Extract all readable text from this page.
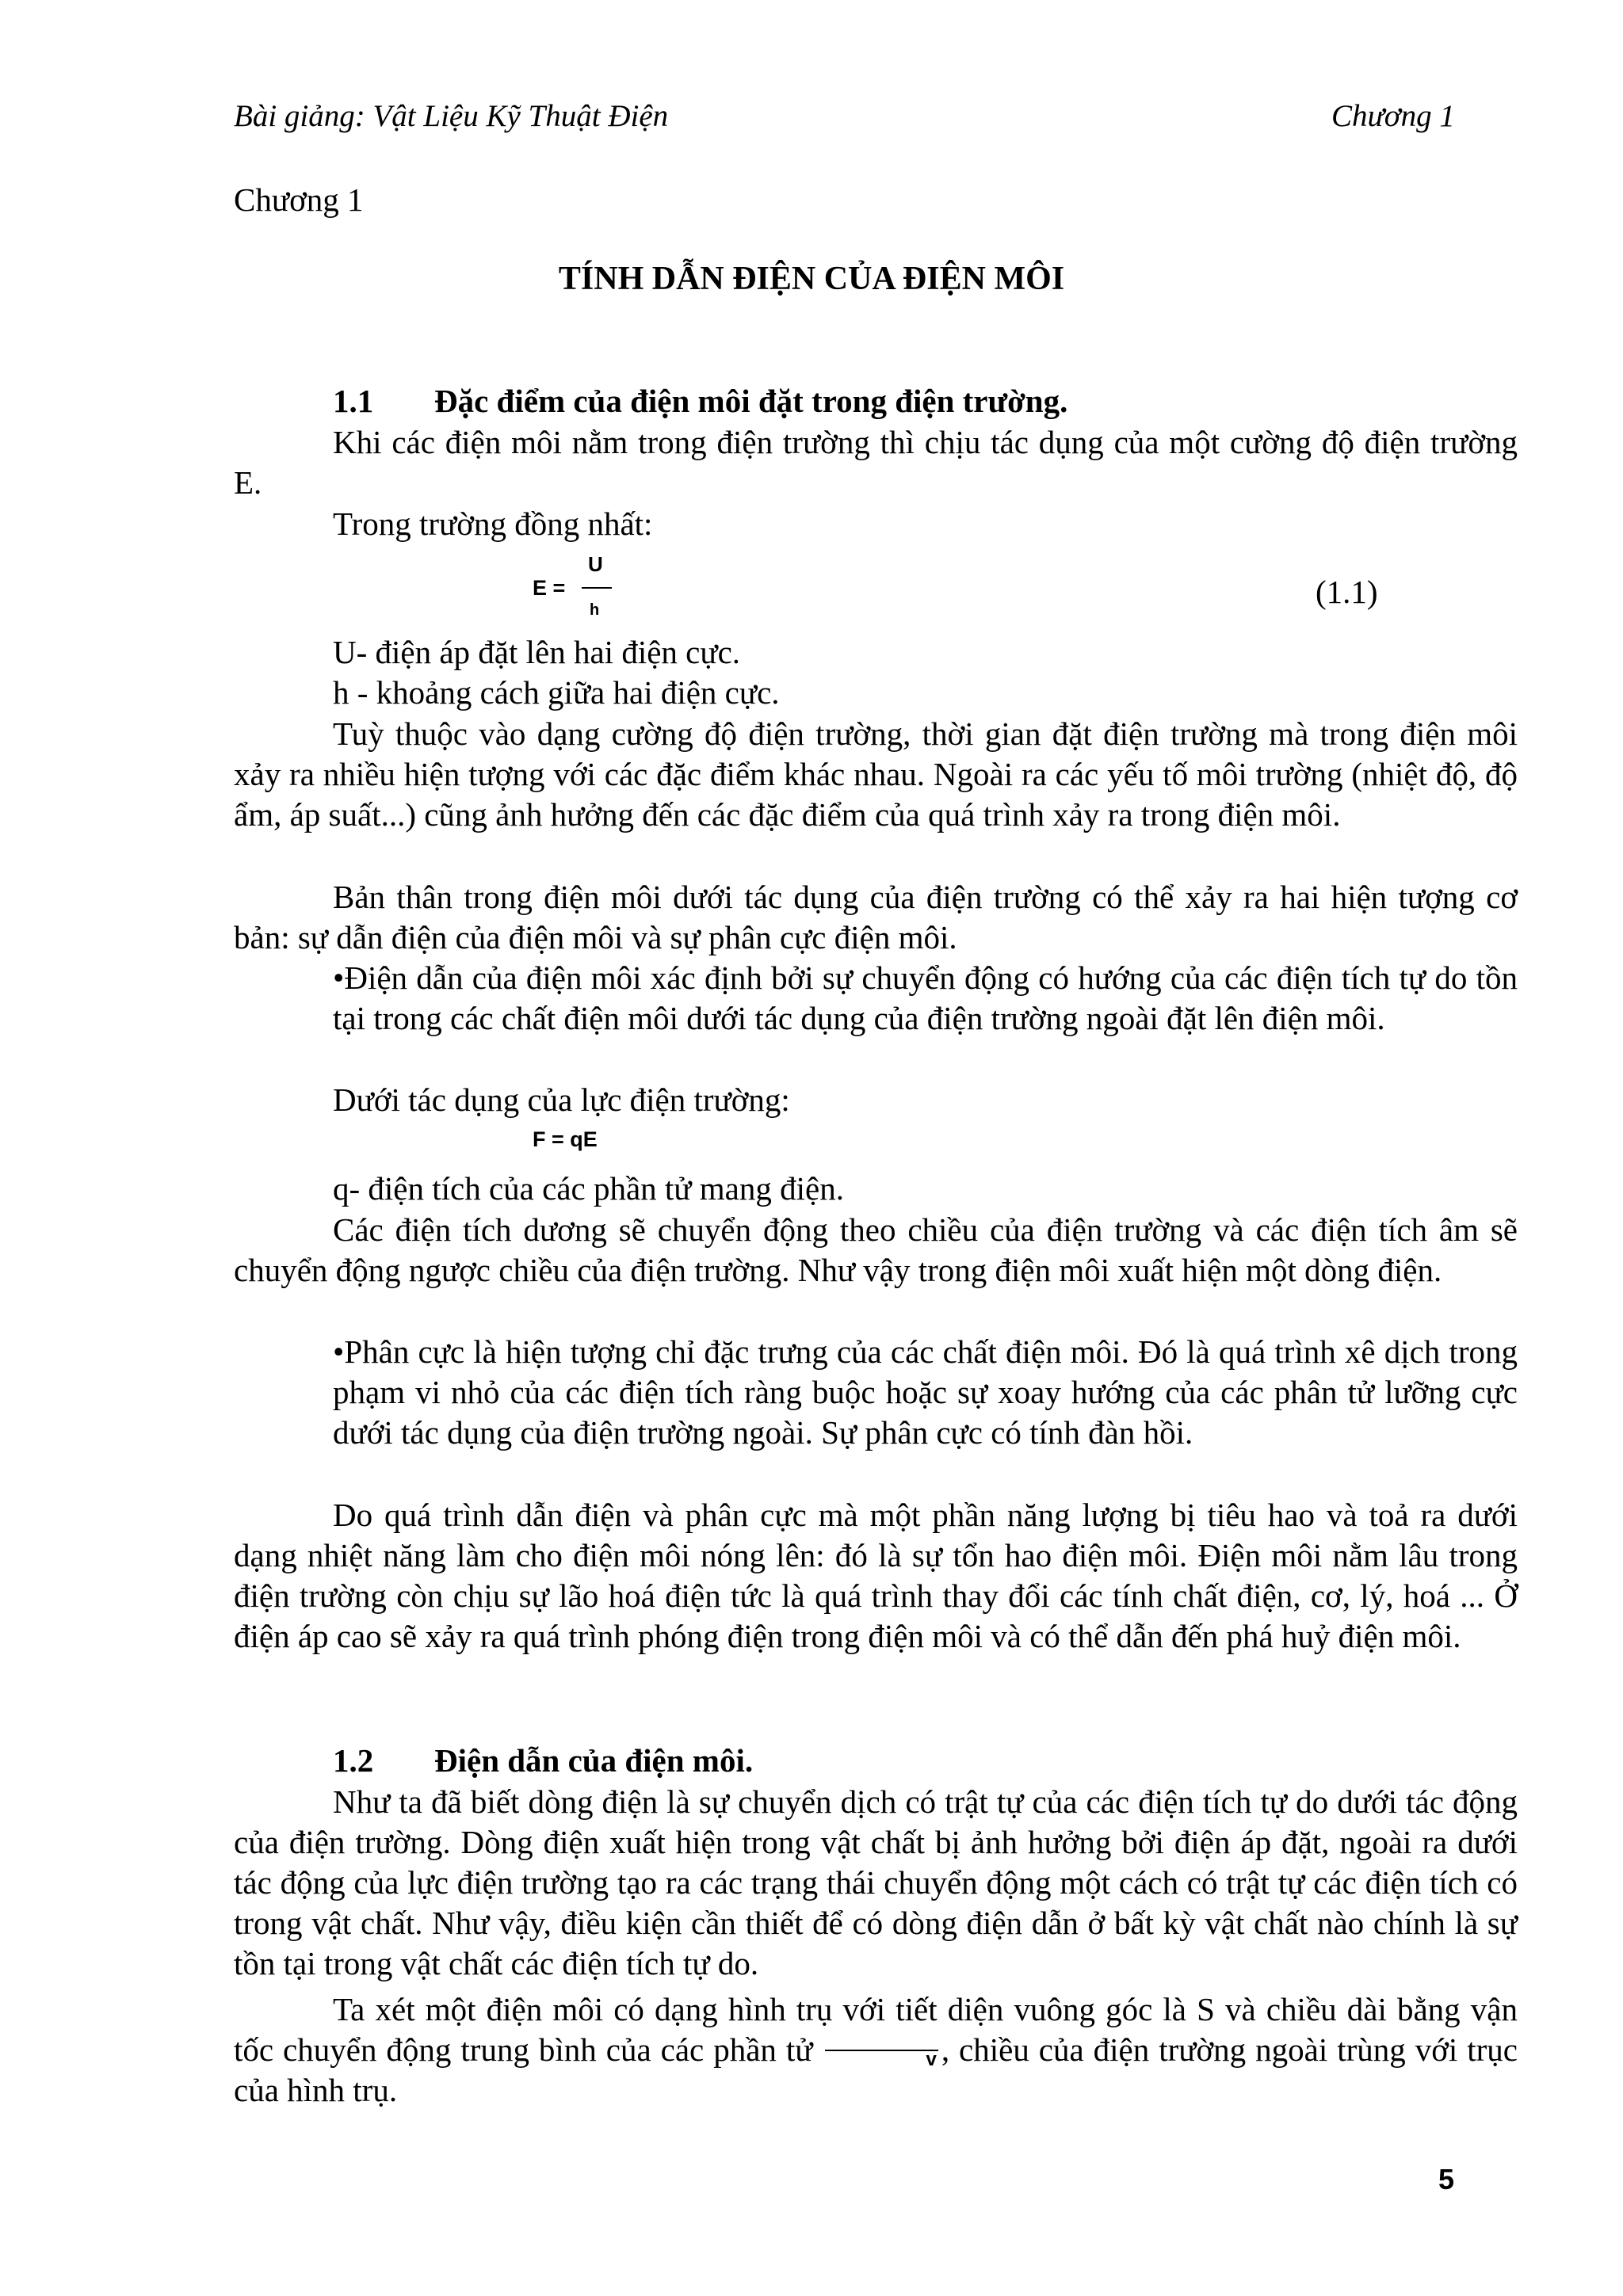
Bài giảng: Vật Liệu Kỹ Thuật Điện	Chương 1
Chương 1
TÍNH DẪN ĐIỆN CỦA ĐIỆN MÔI
1.1 Đặc điểm của điện môi đặt trong điện trường.
Khi các điện môi nằm trong điện trường thì chịu tác dụng của một cường độ điện trường E.
Trong trường đồng nhất:
E =
U
h	(1.1)
U- điện áp đặt lên hai điện cực.
h - khoảng cách giữa hai điện cực.
Tuỳ thuộc vào dạng cường độ điện trường, thời gian đặt điện trường mà trong điện môi xảy ra nhiều hiện tượng với các đặc điểm khác nhau. Ngoài ra các yếu tố môi trường (nhiệt độ, độ ẩm, áp suất...) cũng ảnh hưởng đến các đặc điểm của quá trình xảy ra trong điện môi.
Bản thân trong điện môi dưới tác dụng của điện trường có thể xảy ra hai hiện tượng cơ bản: sự dẫn điện của điện môi và sự phân cực điện môi.
•Điện dẫn của điện môi xác định bởi sự chuyển động có hướng của các điện tích tự do tồn tại trong các chất điện môi dưới tác dụng của điện trường ngoài đặt lên điện môi.
Dưới tác dụng của lực điện trường:
F = qE
q- điện tích của các phần tử mang điện.
Các điện tích dương sẽ chuyển động theo chiều của điện trường và các điện tích âm sẽ chuyển động ngược chiều của điện trường. Như vậy trong điện môi xuất hiện một dòng điện.
•Phân cực là hiện tượng chỉ đặc trưng của các chất điện môi. Đó là quá trình xê dịch trong phạm vi nhỏ của các điện tích ràng buộc hoặc sự xoay hướng của các phân tử lưỡng cực dưới tác dụng của điện trường ngoài. Sự phân cực có tính đàn hồi.
Do quá trình dẫn điện và phân cực mà một phần năng lượng bị tiêu hao và toả ra dưới dạng nhiệt năng làm cho điện môi nóng lên: đó là sự tổn hao điện môi. Điện môi nằm lâu trong điện trường còn chịu sự lão hoá điện tức là quá trình thay đổi các tính chất điện, cơ, lý, hoá ... Ở điện áp cao sẽ xảy ra quá trình phóng điện trong điện môi và có thể dẫn đến phá huỷ điện môi.
1.2 Điện dẫn của điện môi.
Như ta đã biết dòng điện là sự chuyển dịch có trật tự của các điện tích tự do dưới tác động của điện trường. Dòng điện xuất hiện trong vật chất bị ảnh hưởng bởi điện áp đặt, ngoài ra dưới tác động của lực điện trường tạo ra các trạng thái chuyển động một cách có trật tự các điện tích có trong vật chất. Như vậy, điều kiện cần thiết để có dòng điện dẫn ở bất kỳ vật chất nào chính là sự tồn tại trong vật chất các điện tích tự do.
Ta xét một điện môi có dạng hình trụ với tiết diện vuông góc là S và chiều dài bằng vận tốc chuyển động trung bình của các phần tử	v , chiều của điện trường ngoài trùng với trục của hình trụ.
5
